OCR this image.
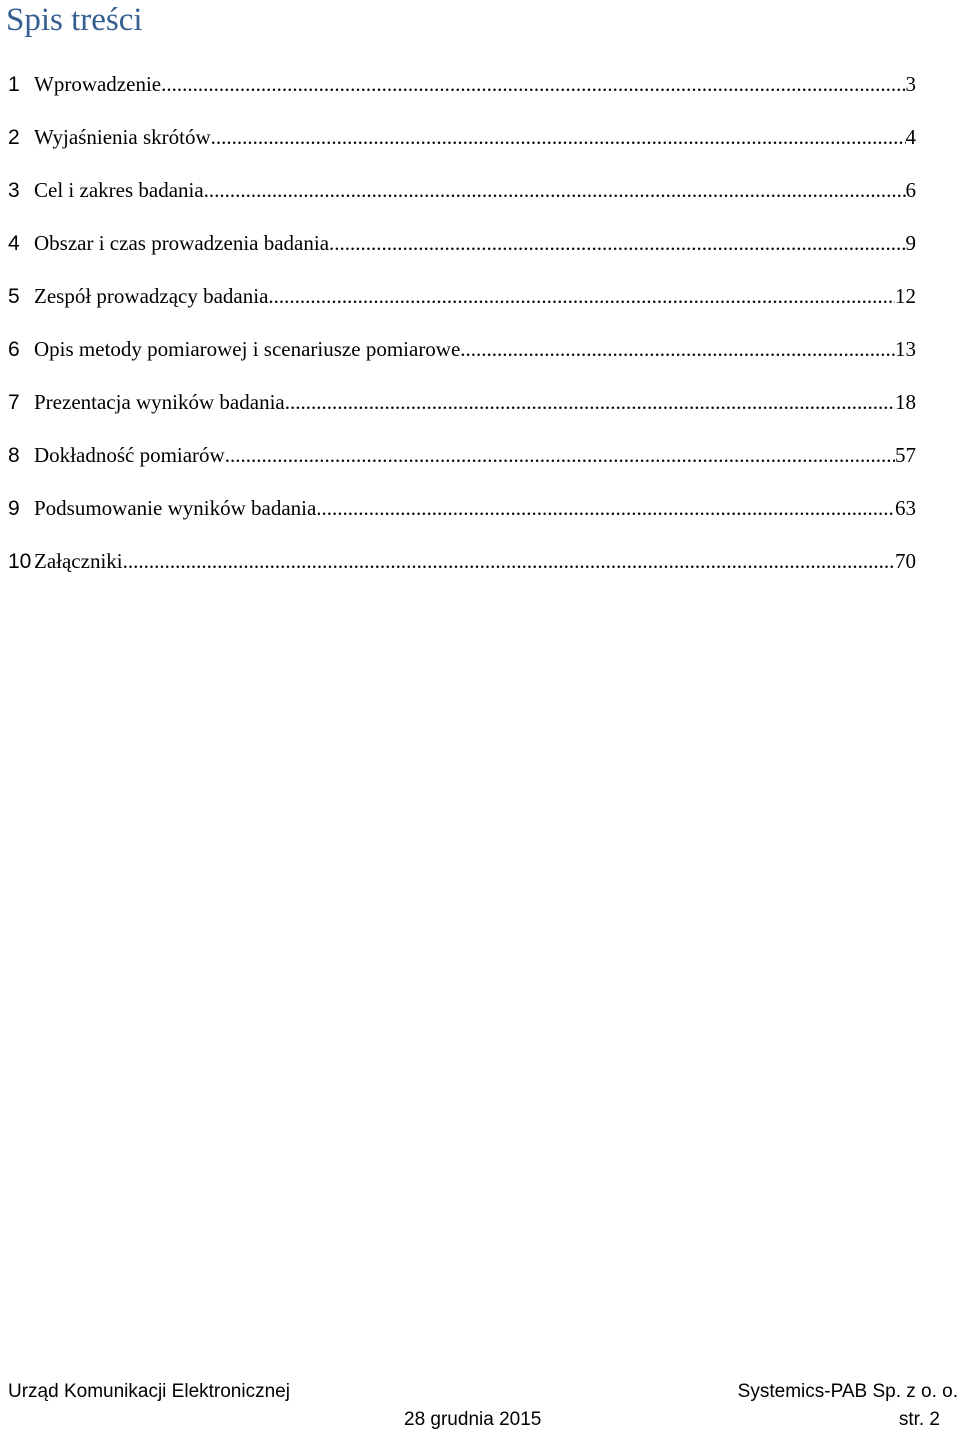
Spis treści
1 Wprowadzenie .....	3
2 Wyjaśnienia skrótów .....	4
3 Cel i zakres badania .....	6
4 Obszar i czas prowadzenia badania .....	9
5 Zespół prowadzący badania .....	12
6 Opis metody pomiarowej i scenariusze pomiarowe .....	13
7 Prezentacja wyników badania .....	18
8 Dokładność pomiarów .....	57
9 Podsumowanie wyników badania .....	63
10 Załączniki .....	70
Urząd Komunikacji Elektronicznej	Systemics-PAB Sp. z o. o.
28 grudnia 2015	str. 2
